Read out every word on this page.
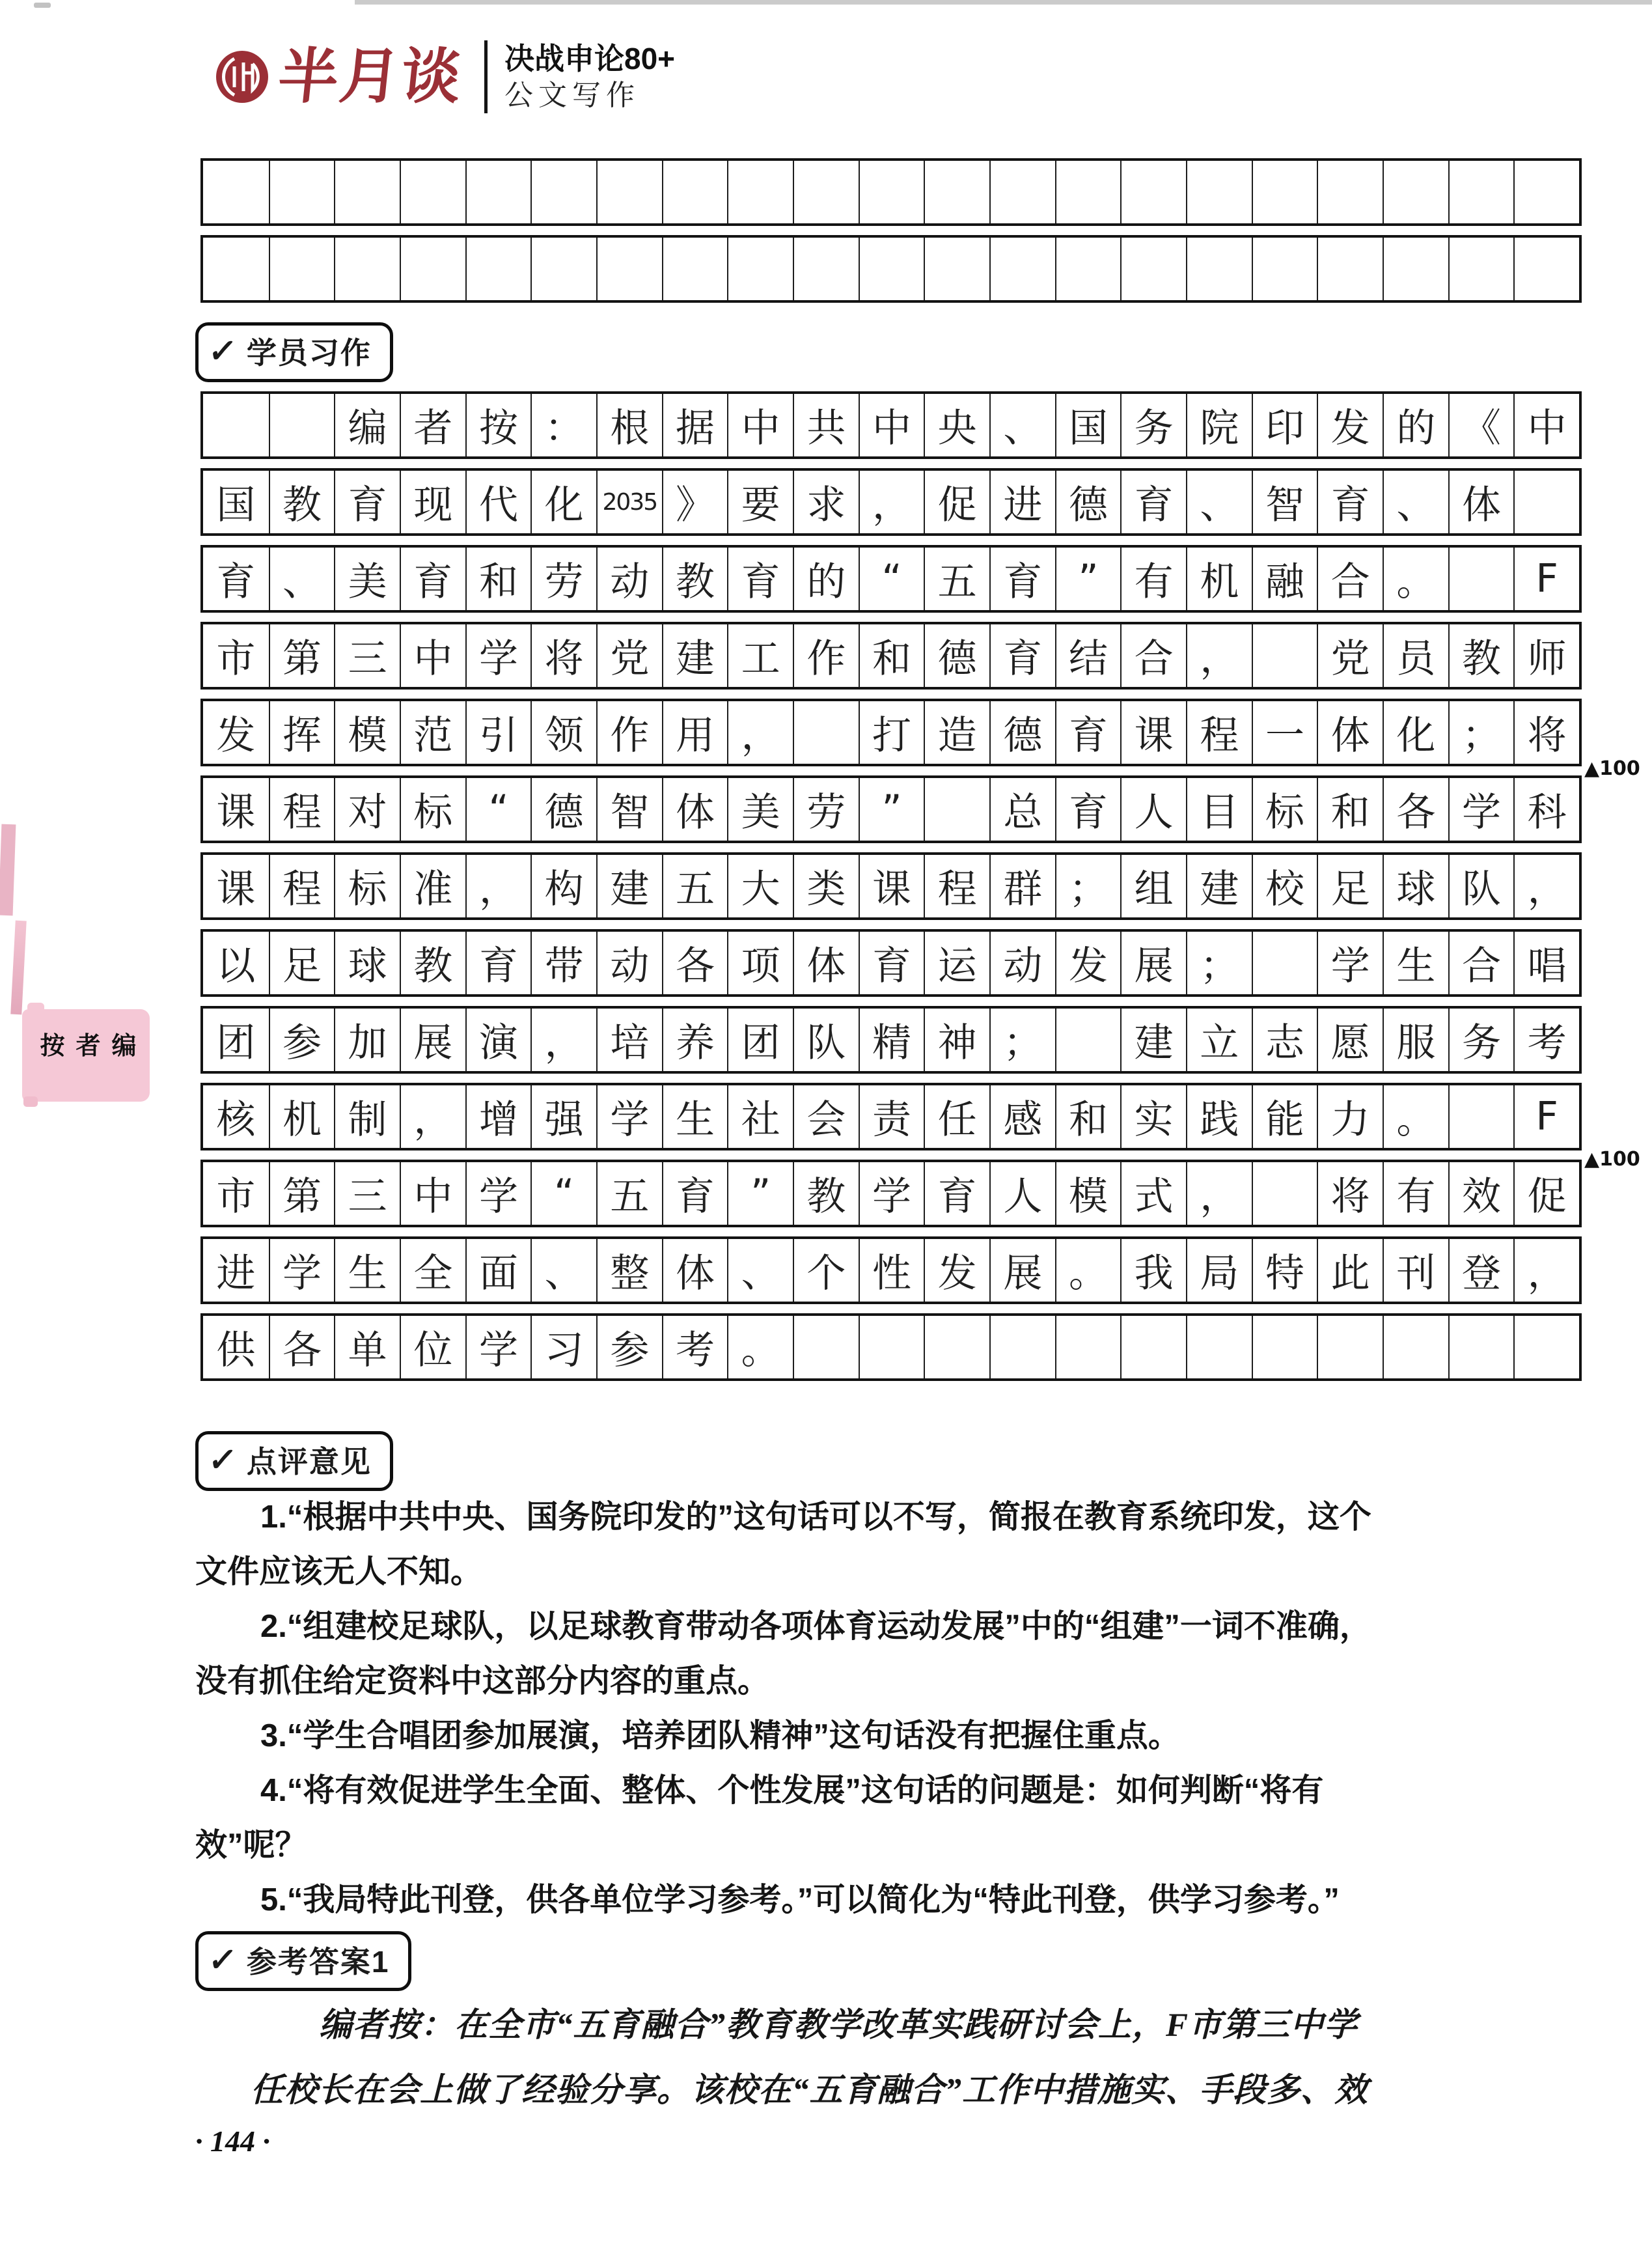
半月谈 决战申论80+
公文写作
✓ 学员习作
▲100
▲100
编 者 按 ： 根 据 中 共 中 央 、 国 务 院 印 发 的 《 中
国 教 育 现 代 化 2035 》 要 求 ， 促 进 德 育 、 智 育 、 体
育 、 美 育 和 劳 动 教 育 的 “ 五 育 ” 有 机 融 合 。	F
市 第 三 中 学 将 党 建 工 作 和 德 育 结 合 ，	党 员 教 师
发 挥 模 范 引 领 作 用 ，	打 造 德 育 课 程 一 体 化 ； 将
课 程 对 标 “ 德 智 体 美 劳 ”	总 育 人 目 标 和 各 学 科
课 程 标 准 ， 构 建 五 大 类 课 程 群 ； 组 建 校 足 球 队 ，
以 足 球 教 育 带 动 各 项 体 育 运 动 发 展 ；	学 生 合 唱
团 参 加 展 演 ， 培 养 团 队 精 神 ；	建 立 志 愿 服 务 考
核 机 制 ， 增 强 学 生 社 会 责 任 感 和 实 践 能 力 。	F
市 第 三 中 学 “ 五 育 ” 教 学 育 人 模 式 ，	将 有 效 促
进 学 生 全 面 、 整 体 、 个 性 发 展 。 我 局 特 此 刊 登 ，
供 各 单 位 学 习 参 考 。
✓ 点评意见
1.“根据中共中央、国务院印发的”这句话可以不写，简报在教育系统印发，这个
文件应该无人不知。
2.“组建校足球队，以足球教育带动各项体育运动发展”中的“组建”一词不准确，
没有抓住给定资料中这部分内容的重点。
3.“学生合唱团参加展演，培养团队精神”这句话没有把握住重点。
4.“将有效促进学生全面、整体、个性发展”这句话的问题是：如何判断“将有
效”呢？
5.“我局特此刊登，供各单位学习参考。”可以简化为“特此刊登，供学习参考。”
✓ 参考答案1
编者按：在全市“五育融合”教育教学改革实践研讨会上，F市第三中学
任校长在会上做了经验分享。该校在“五育融合”工作中措施实、手段多、效
· 144 ·
编者按
